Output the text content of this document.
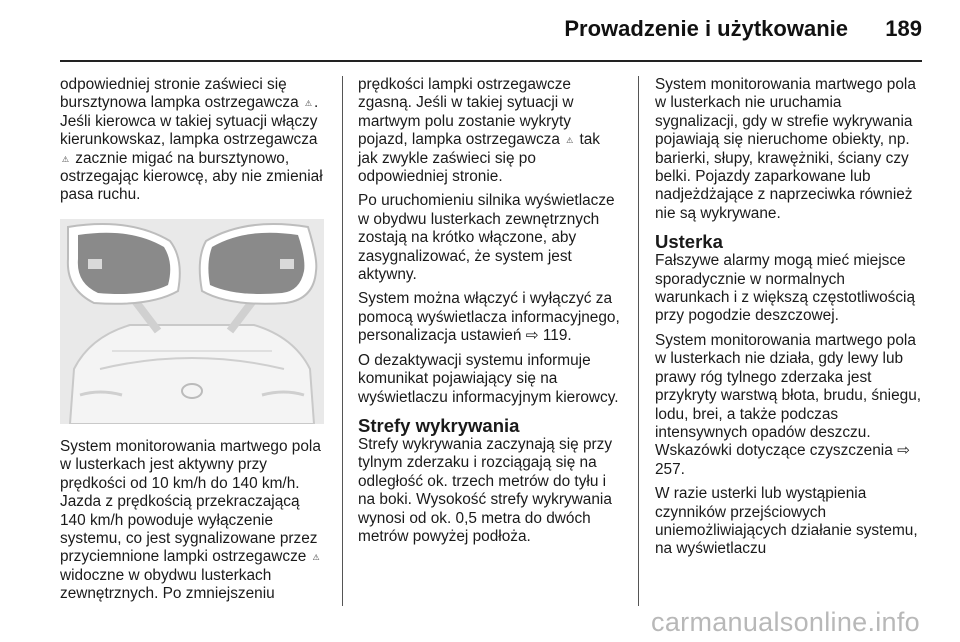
Prowadzenie i użytkowanie 189

odpowiedniej stronie zaświeci się bursztynowa lampka ostrzegawcza ⚠ . Jeśli kierowca w takiej sytuacji włączy kierunkowskaz, lampka ostrzegawcza ⚠ zacznie migać na bursztynowo, ostrzegając kierowcę, aby nie zmieniał pasa ruchu.

System monitorowania martwego pola w lusterkach jest aktywny przy prędkości od 10 km/h do 140 km/h. Jazda z prędkością przekraczającą 140 km/h powoduje wyłączenie systemu, co jest sygnalizowane przez przyciemnione lampki ostrzegawcze ⚠ widoczne w obydwu lusterkach zewnętrznych. Po zmniejszeniu

prędkości lampki ostrzegawcze zgasną. Jeśli w takiej sytuacji w martwym polu zostanie wykryty pojazd, lampka ostrzegawcza ⚠ tak jak zwykle zaświeci się po odpowiedniej stronie.

Po uruchomieniu silnika wyświetlacze w obydwu lusterkach zewnętrznych zostają na krótko włączone, aby zasygnalizować, że system jest aktywny.

System można włączyć i wyłączyć za pomocą wyświetlacza informacyjnego, personalizacja ustawień ⇨ 119.

O dezaktywacji systemu informuje komunikat pojawiający się na wyświetlaczu informacyjnym kierowcy.

Strefy wykrywania

Strefy wykrywania zaczynają się przy tylnym zderzaku i rozciągają się na odległość ok. trzech metrów do tyłu i na boki. Wysokość strefy wykrywania wynosi od ok. 0,5 metra do dwóch metrów powyżej podłoża.

System monitorowania martwego pola w lusterkach nie uruchamia sygnalizacji, gdy w strefie wykrywania pojawiają się nieruchome obiekty, np. barierki, słupy, krawężniki, ściany czy belki. Pojazdy zaparkowane lub nadjeżdżające z naprzeciwka również nie są wykrywane.

Usterka

Fałszywe alarmy mogą mieć miejsce sporadycznie w normalnych warunkach i z większą częstotliwością przy pogodzie deszczowej.

System monitorowania martwego pola w lusterkach nie działa, gdy lewy lub prawy róg tylnego zderzaka jest przykryty warstwą błota, brudu, śniegu, lodu, brei, a także podczas intensywnych opadów deszczu. Wskazówki dotyczące czyszczenia ⇨ 257.

W razie usterki lub wystąpienia czynników przejściowych uniemożliwiających działanie systemu, na wyświetlaczu

carmanualsonline.info
